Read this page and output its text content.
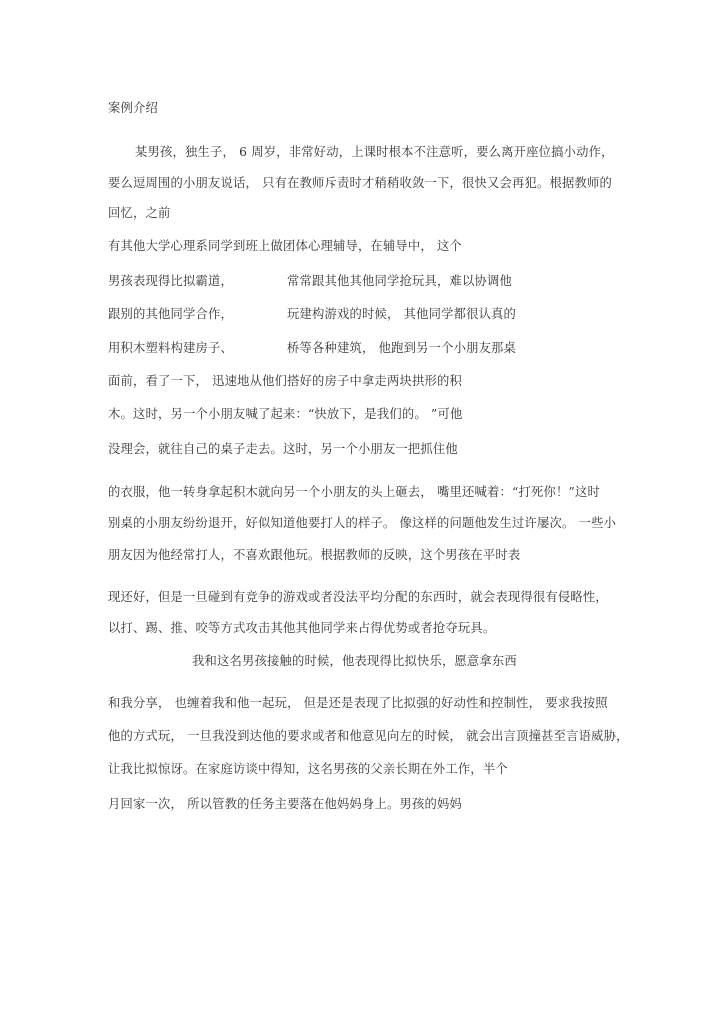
案例介绍
某男孩，独生子， 6 周岁，非常好动，上课时根本不注意听，要么离开座位搞小动作，
要么逗周围的小朋友说话， 只有在教师斥责时才稍稍收敛一下，很快又会再犯。根据教师的
回忆，之前
有其他大学心理系同学到班上做团体心理辅导，在辅导中， 这个
男孩表现得比拟霸道，	常常跟其他其他同学抢玩具，难以协调他
跟别的其他同学合作，	玩建构游戏的时候， 其他同学都很认真的
用积木塑料构建房子、	桥等各种建筑， 他跑到另一个小朋友那桌
面前，看了一下， 迅速地从他们搭好的房子中拿走两块拱形的积
木。这时，另一个小朋友喊了起来：“快放下，是我们的。 ”可他
没理会，就往自己的桌子走去。这时，另一个小朋友一把抓住他
的衣服，他一转身拿起积木就向另一个小朋友的头上砸去， 嘴里还喊着：“打死你！”这时
别桌的小朋友纷纷退开，好似知道他要打人的样子。 像这样的问题他发生过许屡次。 一些小
朋友因为他经常打人，不喜欢跟他玩。根据教师的反映，这个男孩在平时表
现还好，但是一旦碰到有竞争的游戏或者没法平均分配的东西时，就会表现得很有侵略性，
以打、踢、推、咬等方式攻击其他其他同学来占得优势或者抢夺玩具。
我和这名男孩接触的时候，他表现得比拟快乐，愿意拿东西
和我分享， 也缠着我和他一起玩， 但是还是表现了比拟强的好动性和控制性， 要求我按照
他的方式玩， 一旦我没到达他的要求或者和他意见向左的时候， 就会出言顶撞甚至言语威胁，
让我比拟惊讶。在家庭访谈中得知，这名男孩的父亲长期在外工作，半个
月回家一次， 所以管教的任务主要落在他妈妈身上。男孩的妈妈
